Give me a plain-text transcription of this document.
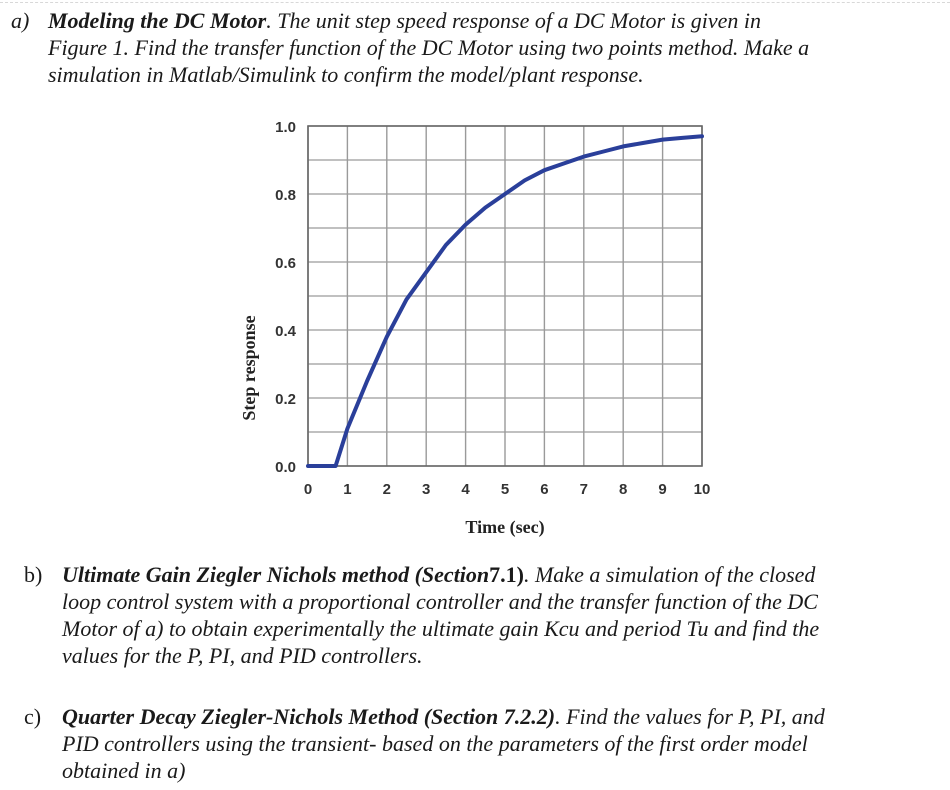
a) Modeling the DC Motor. The unit step speed response of a DC Motor is given in
Figure 1. Find the transfer function of the DC Motor using two points method. Make a
simulation in Matlab/Simulink to confirm the model/plant response.
0 1 2 3 4 5 6 7 8 9 10
0.0
0.2
0.4
0.6
0.8
1.0
Step response
Time (sec)
b) Ultimate Gain Ziegler Nichols method (Section7.1). Make a simulation of the closed
loop control system with a proportional controller and the transfer function of the DC
Motor of a) to obtain experimentally the ultimate gain Kcu and period Tu and find the
values for the P, PI, and PID controllers.
c) Quarter Decay Ziegler-Nichols Method (Section 7.2.2). Find the values for P, PI, and
PID controllers using the transient- based on the parameters of the first order model
obtained in a)
